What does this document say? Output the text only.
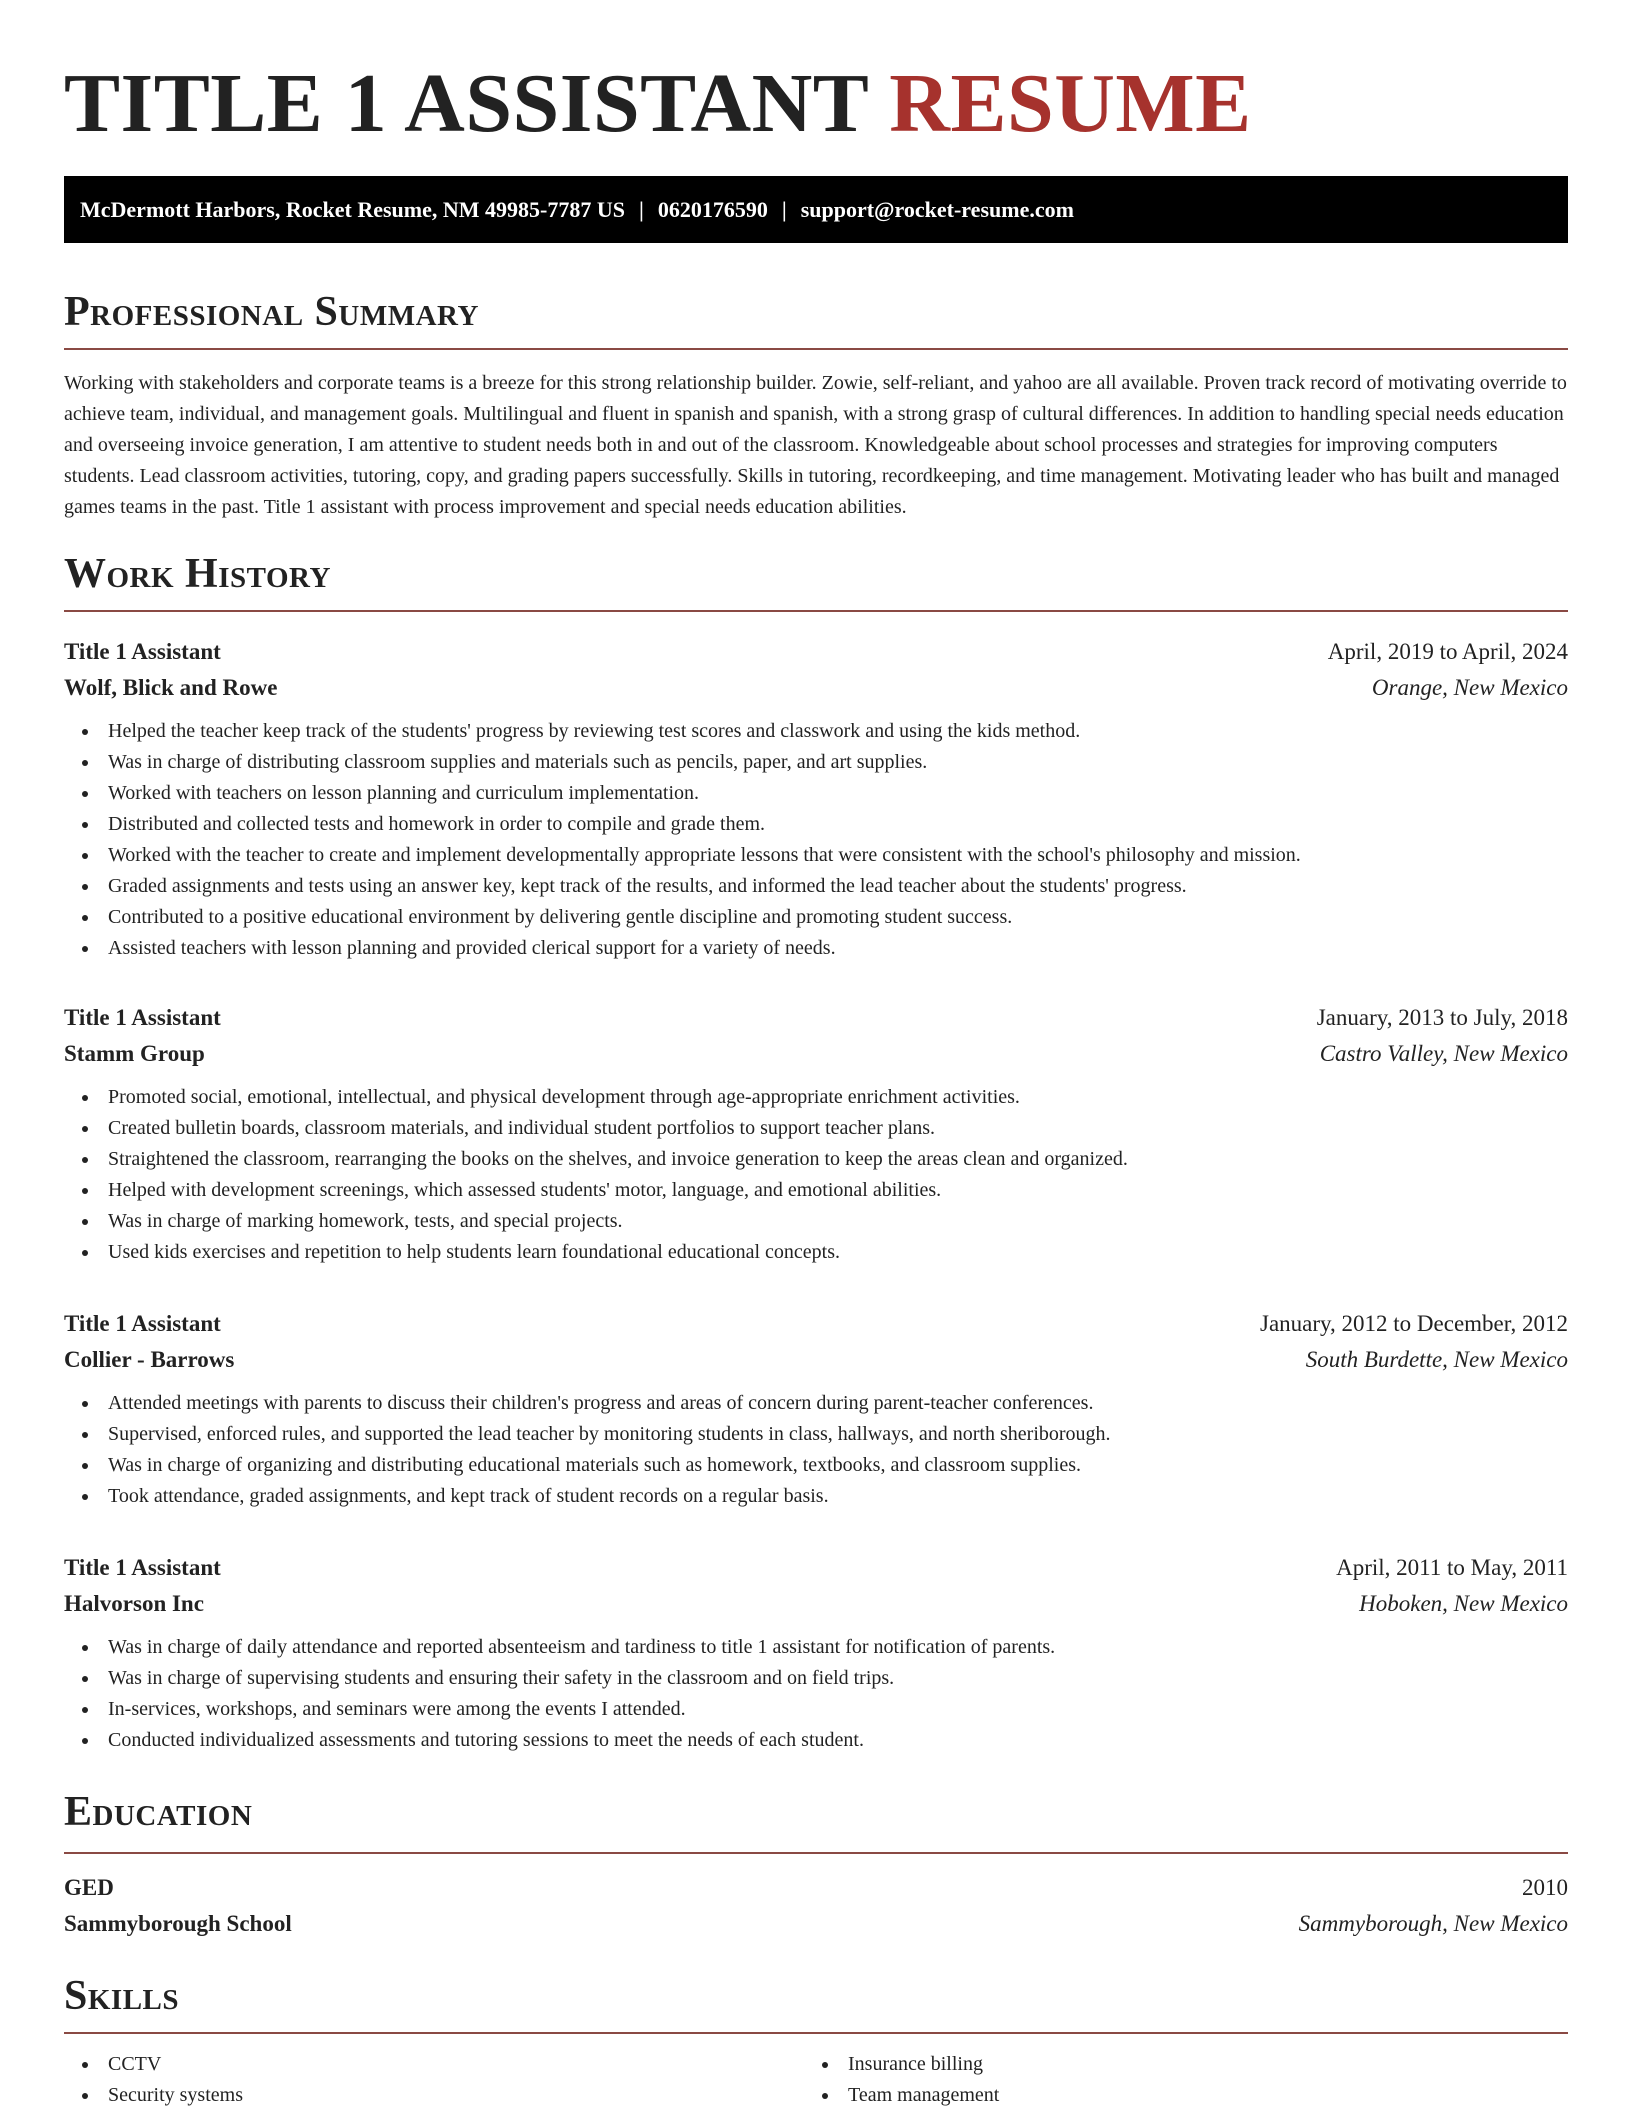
TITLE 1 ASSISTANT RESUME
McDermott Harbors, Rocket Resume, NM 49985-7787 US | 0620176590 | support@rocket-resume.com
Professional Summary

Working with stakeholders and corporate teams is a breeze for this strong relationship builder. Zowie, self-reliant, and yahoo are all available. Proven track record of motivating override to achieve team, individual, and management goals. Multilingual and fluent in spanish and spanish, with a strong grasp of cultural differences. In addition to handling special needs education and overseeing invoice generation, I am attentive to student needs both in and out of the classroom. Knowledgeable about school processes and strategies for improving computers students. Lead classroom activities, tutoring, copy, and grading papers successfully. Skills in tutoring, recordkeeping, and time management. Motivating leader who has built and managed games teams in the past. Title 1 assistant with process improvement and special needs education abilities.

Work History
Title 1 Assistant	April, 2019 to April, 2024
Wolf, Blick and Rowe	Orange, New Mexico
Helped the teacher keep track of the students' progress by reviewing test scores and classwork and using the kids method.
Was in charge of distributing classroom supplies and materials such as pencils, paper, and art supplies.
Worked with teachers on lesson planning and curriculum implementation.
Distributed and collected tests and homework in order to compile and grade them.
Worked with the teacher to create and implement developmentally appropriate lessons that were consistent with the school's philosophy and mission.
Graded assignments and tests using an answer key, kept track of the results, and informed the lead teacher about the students' progress.
Contributed to a positive educational environment by delivering gentle discipline and promoting student success.
Assisted teachers with lesson planning and provided clerical support for a variety of needs.
Title 1 Assistant	January, 2013 to July, 2018
Stamm Group	Castro Valley, New Mexico
Promoted social, emotional, intellectual, and physical development through age-appropriate enrichment activities.
Created bulletin boards, classroom materials, and individual student portfolios to support teacher plans.
Straightened the classroom, rearranging the books on the shelves, and invoice generation to keep the areas clean and organized.
Helped with development screenings, which assessed students' motor, language, and emotional abilities.
Was in charge of marking homework, tests, and special projects.
Used kids exercises and repetition to help students learn foundational educational concepts.
Title 1 Assistant	January, 2012 to December, 2012
Collier - Barrows	South Burdette, New Mexico
Attended meetings with parents to discuss their children's progress and areas of concern during parent-teacher conferences.
Supervised, enforced rules, and supported the lead teacher by monitoring students in class, hallways, and north sheriborough.
Was in charge of organizing and distributing educational materials such as homework, textbooks, and classroom supplies.
Took attendance, graded assignments, and kept track of student records on a regular basis.
Title 1 Assistant	April, 2011 to May, 2011
Halvorson Inc	Hoboken, New Mexico
Was in charge of daily attendance and reported absenteeism and tardiness to title 1 assistant for notification of parents.
Was in charge of supervising students and ensuring their safety in the classroom and on field trips.
In-services, workshops, and seminars were among the events I attended.
Conducted individualized assessments and tutoring sessions to meet the needs of each student.
Education
GED	2010
Sammyborough School	Sammyborough, New Mexico
Skills
CCTV
Security systems
Insurance billing
Team management
